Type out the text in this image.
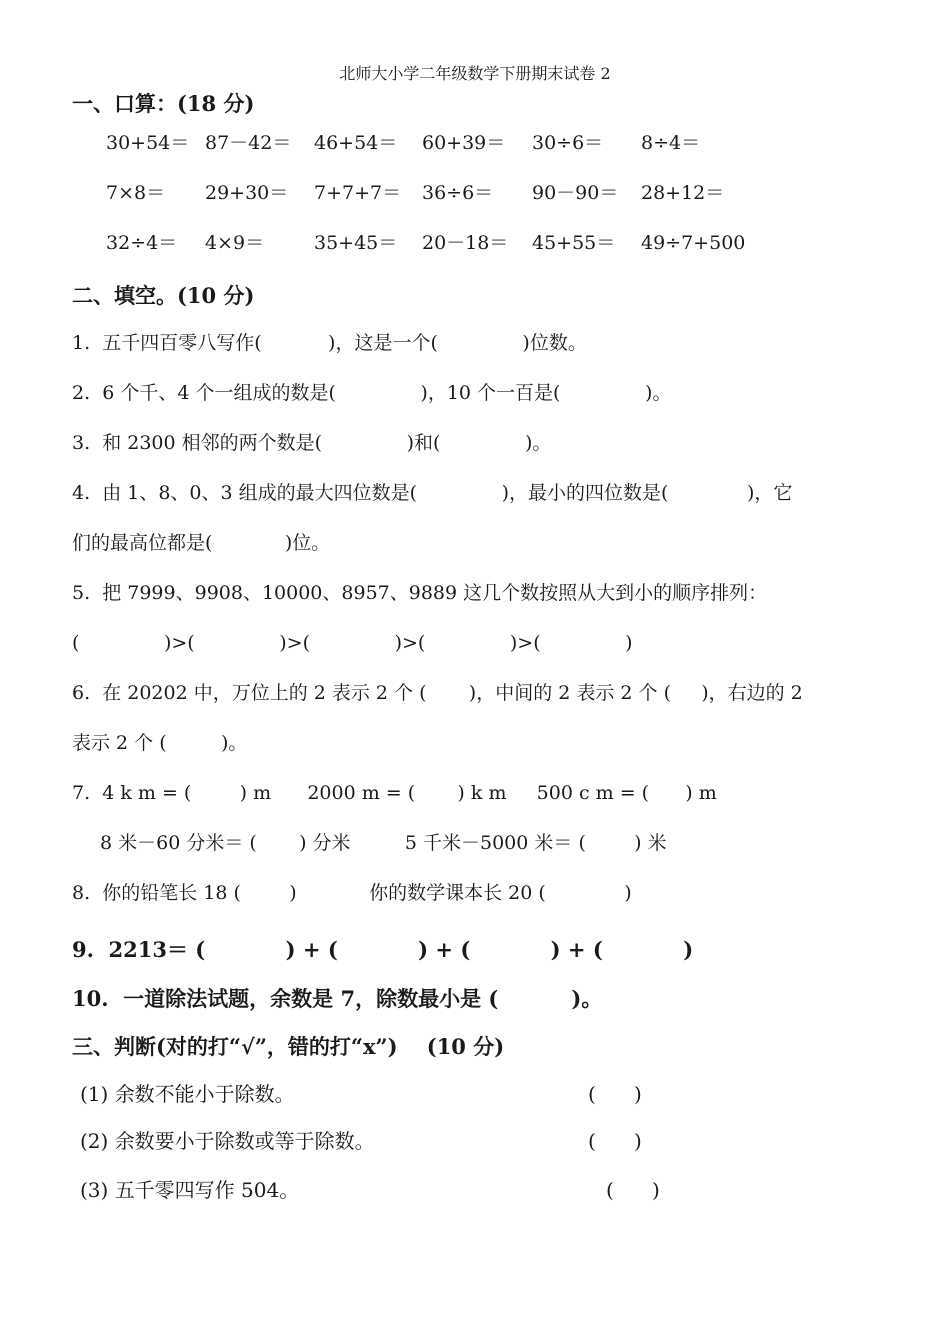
北师大小学二年级数学下册期末试卷 2
一、口算：(18 分)
30+54＝ 87－42＝ 46+54＝ 60+39＝ 30÷6＝ 8÷4＝
7×8＝ 29+30＝ 7+7+7＝ 36÷6＝ 90－90＝ 28+12＝
32÷4＝ 4×9＝	35+45＝ 20－18＝ 45+55＝ 49÷7+500
二、填空。(10 分)
1.  五千四百零八写作(           )，这是一个(              )位数。
2.  6 个千、4 个一组成的数是(              )，10 个一百是(              )。
3.  和 2300 相邻的两个数是(              )和(              )。
4.  由 1、8、0、3 组成的最大四位数是(              )，最小的四位数是(             )，它
们的最高位都是(            )位。
5.  把 7999、9908、10000、8957、9889 这几个数按照从大到小的顺序排列：
(              )>(              )>(              )>(              )>(              )
6.  在 20202 中，万位上的 2 表示 2 个 (       )，中间的 2 表示 2 个 (     )，右边的 2
表示 2 个 (         )。
7.  4 k m = (        ) m      2000 m = (       ) k m     500 c m = (      ) m
8 米－60 分米＝ (       ) 分米         5 千米－5000 米＝ (        ) 米
8.  你的铅笔长 18 (        )            你的数学课本长 20 (             )
9.  2213＝ (           ) + (           ) + (           ) + (           )
10.  一道除法试题，余数是 7，除数最小是 (          )。
三、判断(对的打“√”，错的打“x”)    (10 分)
(1) 余数不能小于除数。	(      )
(2) 余数要小于除数或等于除数。	(      )
(3) 五千零四写作 504。	(      )
